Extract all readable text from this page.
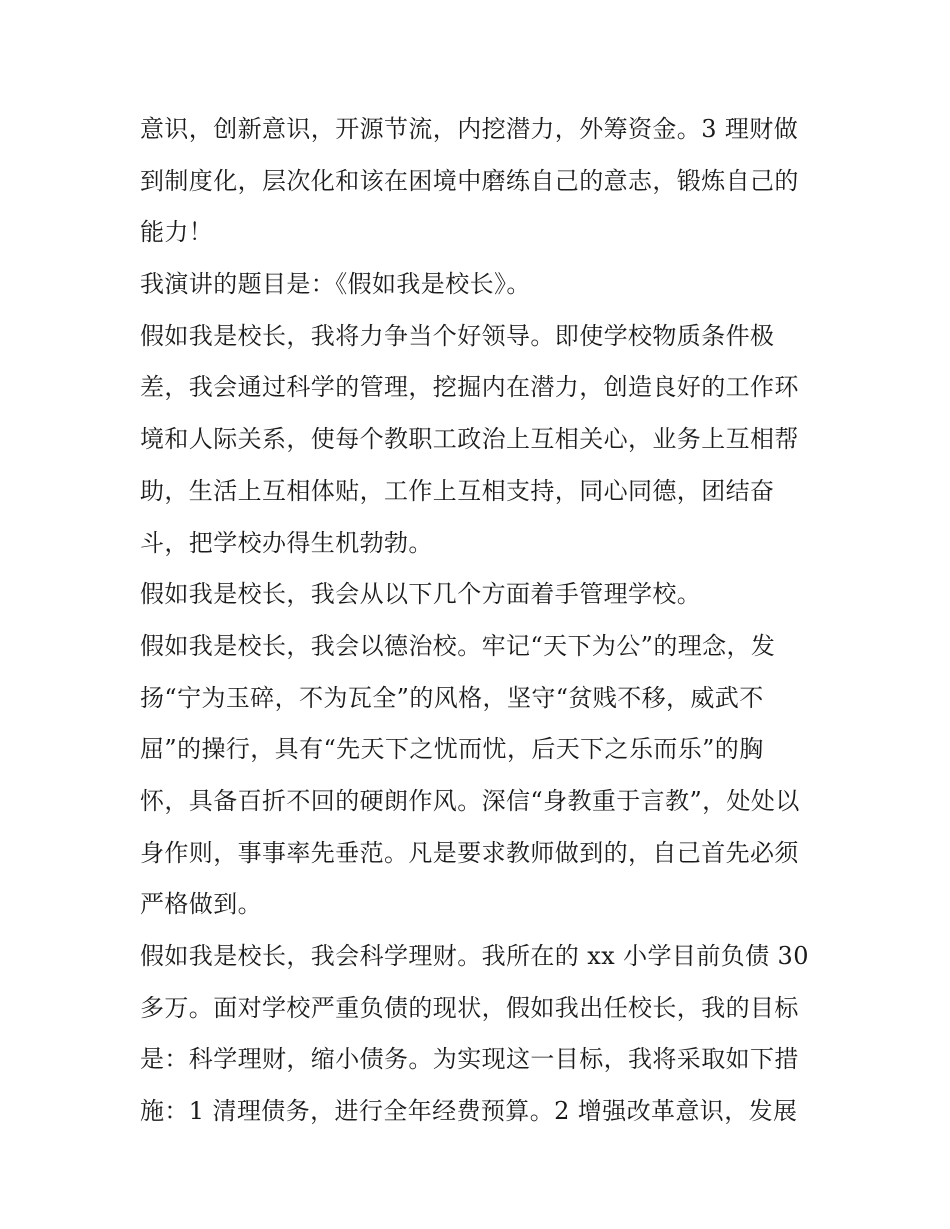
意识，创新意识，开源节流，内挖潜力，外筹资金。3 理财做
到制度化，层次化和该在困境中磨练自己的意志，锻炼自己的
能力！
我演讲的题目是：《假如我是校长》。
假如我是校长，我将力争当个好领导。即使学校物质条件极
差，我会通过科学的管理，挖掘内在潜力，创造良好的工作环
境和人际关系，使每个教职工政治上互相关心，业务上互相帮
助，生活上互相体贴，工作上互相支持，同心同德，团结奋
斗，把学校办得生机勃勃。
假如我是校长，我会从以下几个方面着手管理学校。
假如我是校长，我会以德治校。牢记“天下为公”的理念，发
扬“宁为玉碎，不为瓦全”的风格，坚守“贫贱不移，威武不
屈”的操行，具有“先天下之忧而忧，后天下之乐而乐”的胸
怀，具备百折不回的硬朗作风。深信“身教重于言教”，处处以
身作则，事事率先垂范。凡是要求教师做到的，自己首先必须
严格做到。
假如我是校长，我会科学理财。我所在的 xx 小学目前负债 30
多万。面对学校严重负债的现状，假如我出任校长，我的目标
是：科学理财，缩小债务。为实现这一目标，我将采取如下措
施：1 清理债务，进行全年经费预算。2 增强改革意识，发展
